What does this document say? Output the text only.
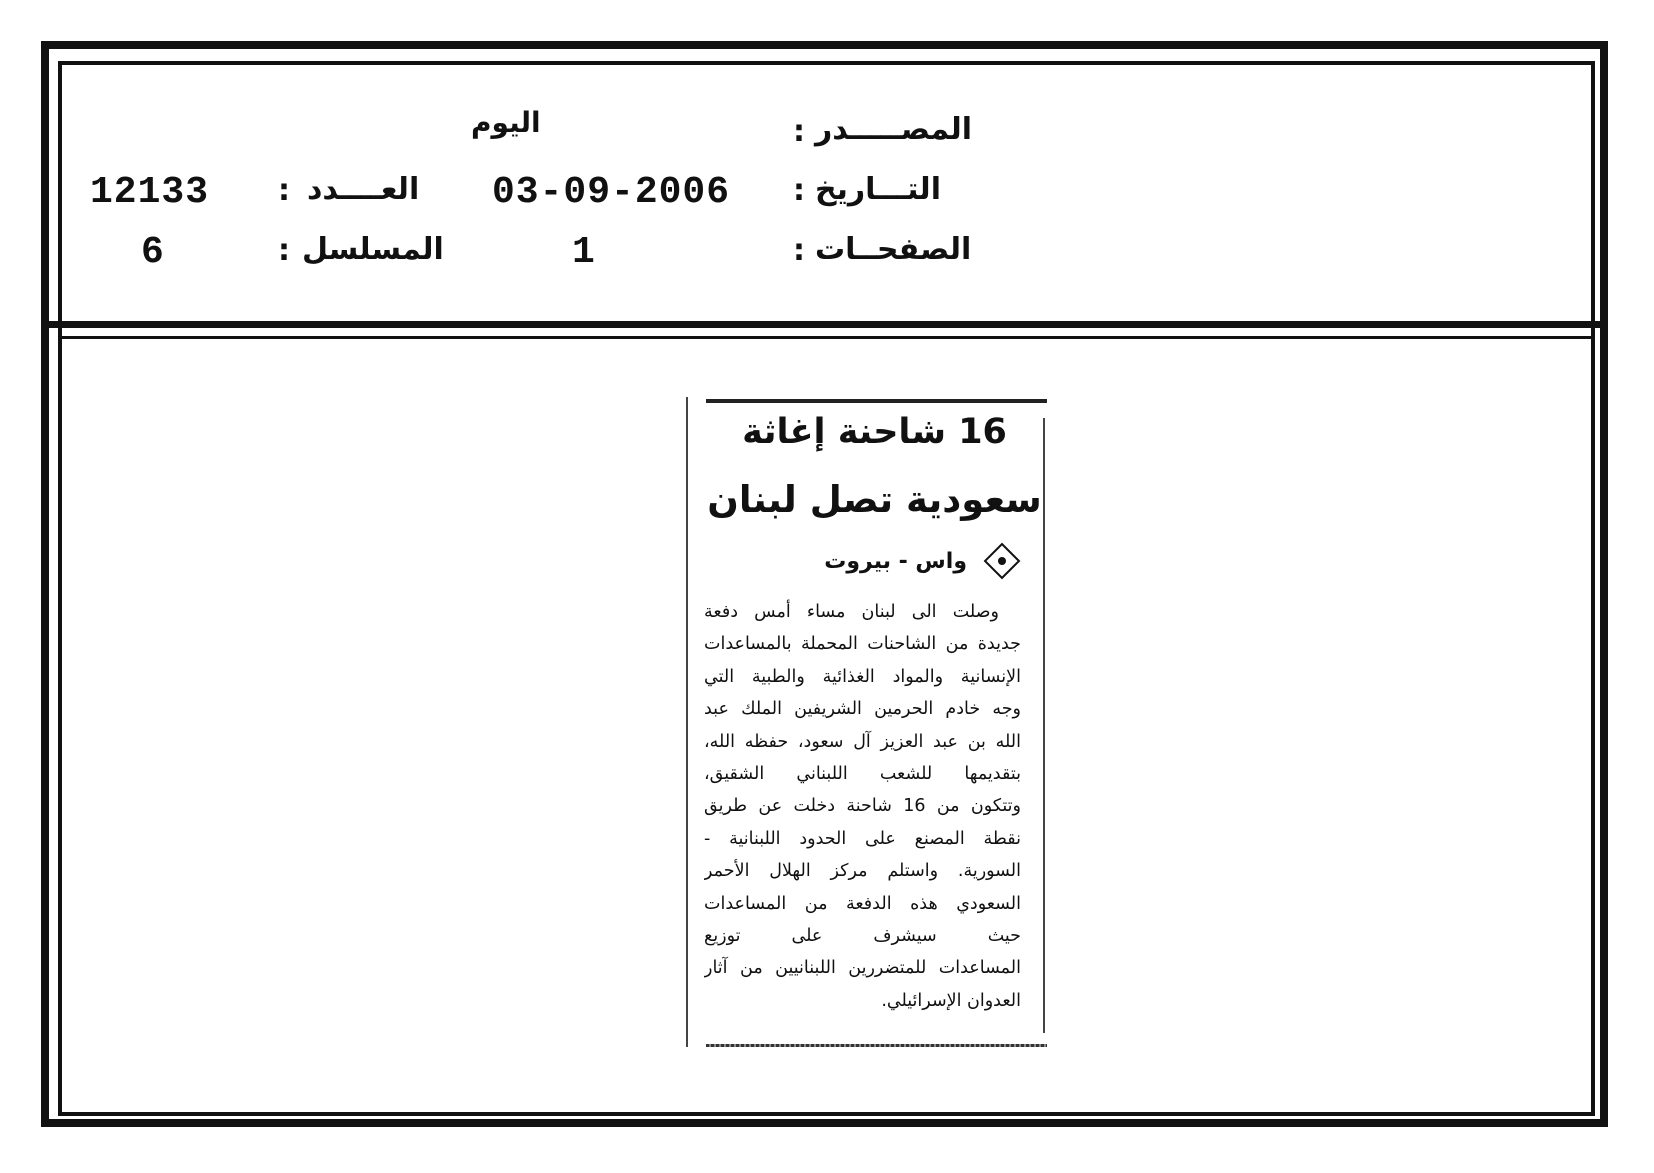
المصـــــدر
:
اليوم
التـــاريخ
:
03-09-2006
العــــدد
:
12133
الصفحــات
:
1
المسلسل
:
6
16 شاحنة إغاثة
سعودية تصل لبنان
واس - بيروت
وصلت الى لبنان مساء أمس دفعة
جديدة من الشاحنات المحملة بالمساعدات
الإنسانية والمواد الغذائية والطبية التي
وجه خادم الحرمين الشريفين الملك عبد
الله بن عبد العزيز آل سعود، حفظه الله،
بتقديمها للشعب اللبناني الشقيق،
وتتكون من 16 شاحنة دخلت عن طريق
نقطة المصنع على الحدود اللبنانية -
السورية. واستلم مركز الهلال الأحمر
السعودي هذه الدفعة من المساعدات
حيث سيشرف على توزيع
المساعدات للمتضررين اللبنانيين من آثار
العدوان الإسرائيلي.
